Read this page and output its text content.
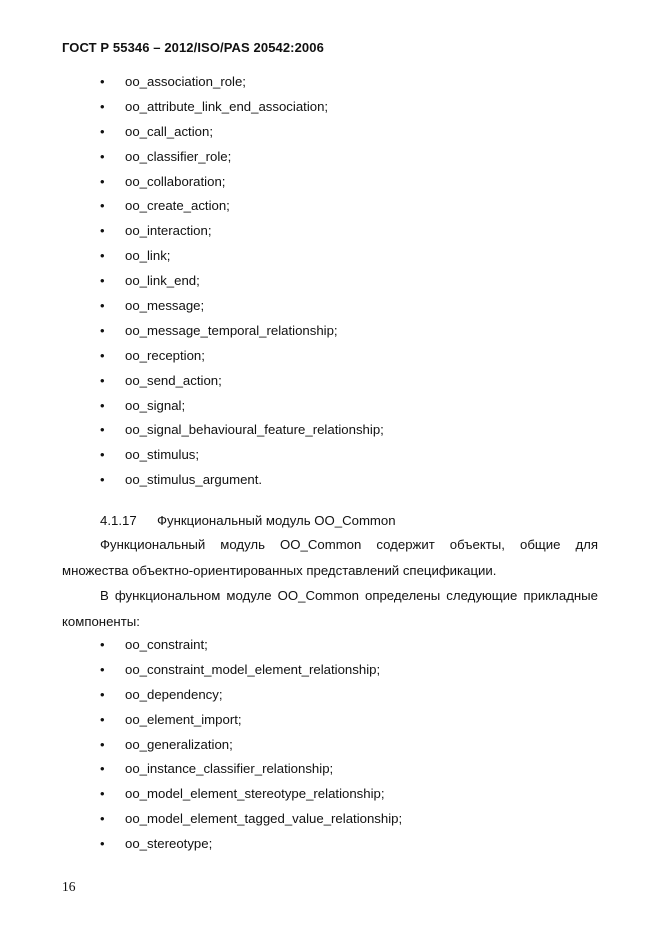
ГОСТ Р 55346 – 2012/ISO/PAS 20542:2006
• oo_association_role;
• oo_attribute_link_end_association;
• oo_call_action;
• oo_classifier_role;
• oo_collaboration;
• oo_create_action;
• oo_interaction;
• oo_link;
• oo_link_end;
• oo_message;
• oo_message_temporal_relationship;
• oo_reception;
• oo_send_action;
• oo_signal;
• oo_signal_behavioural_feature_relationship;
• oo_stimulus;
• oo_stimulus_argument.
4.1.17 Функциональный модуль OO_Common
Функциональный модуль OO_Common содержит объекты, общие для множества объектно-ориентированных представлений спецификации.
В функциональном модуле OO_Common определены следующие прикладные компоненты:
• oo_constraint;
• oo_constraint_model_element_relationship;
• oo_dependency;
• oo_element_import;
• oo_generalization;
• oo_instance_classifier_relationship;
• oo_model_element_stereotype_relationship;
• oo_model_element_tagged_value_relationship;
• oo_stereotype;
16
